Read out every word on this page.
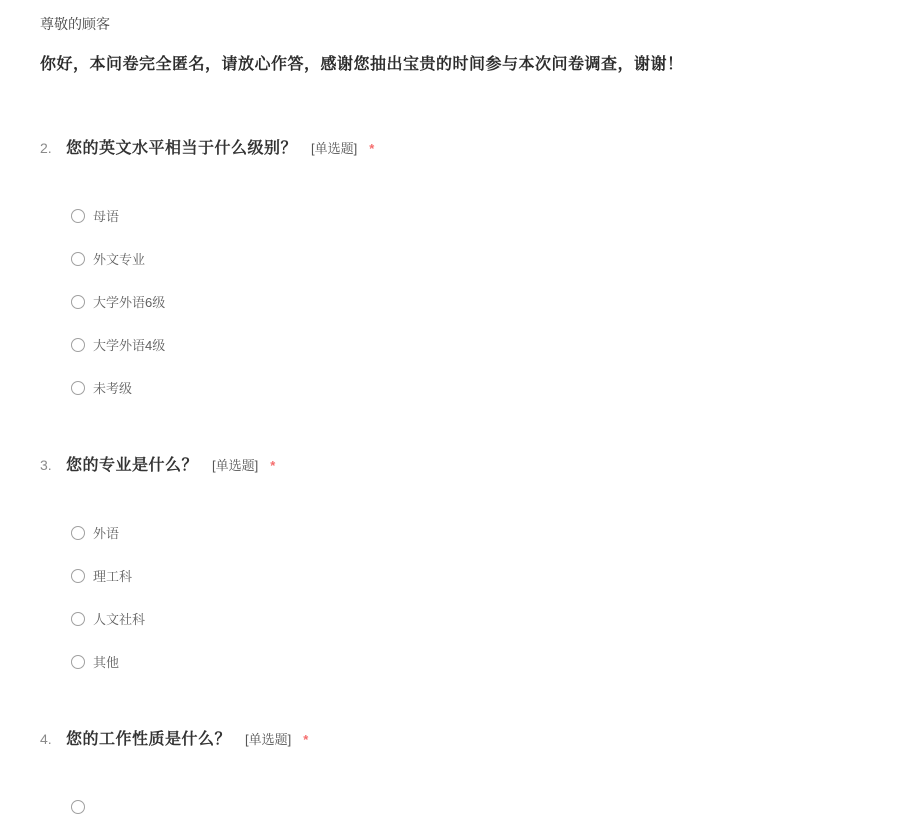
尊敬的顾客
你好，本问卷完全匿名，请放心作答，感谢您抽出宝贵的时间参与本次问卷调查，谢谢！
2. 您的英文水平相当于什么级别？ [单选题] *
母语
外文专业
大学外语6级
大学外语4级
未考级
3. 您的专业是什么？ [单选题] *
外语
理工科
人文社科
其他
4. 您的工作性质是什么？ [单选题] *
